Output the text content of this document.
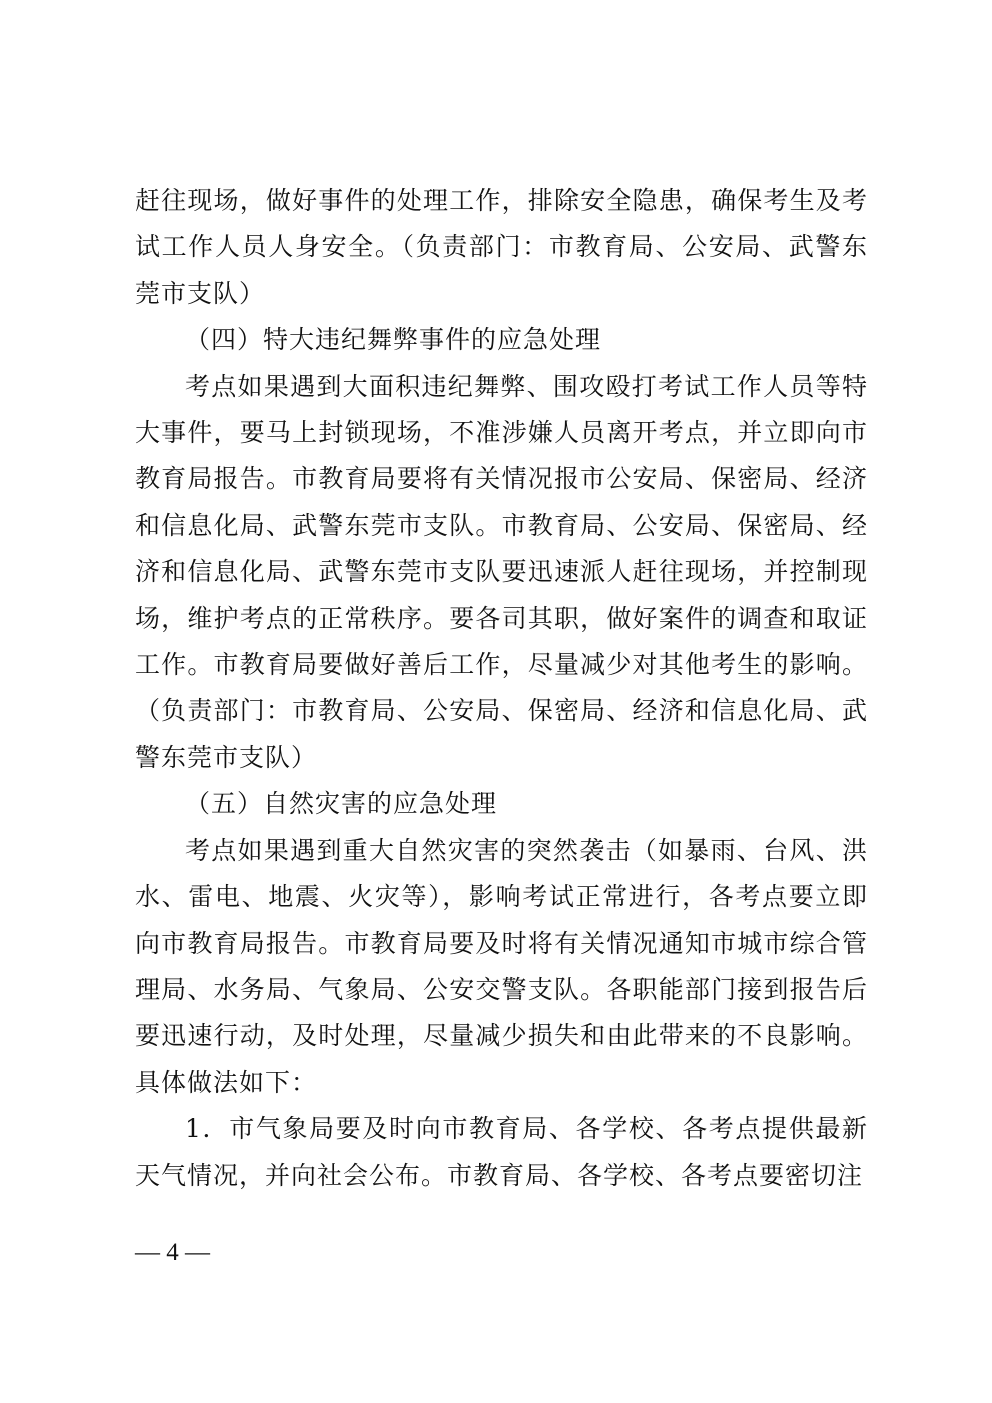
赶往现场，做好事件的处理工作，排除安全隐患，确保考生及考试工作人员人身安全。（负责部门：市教育局、公安局、武警东莞市支队）

（四）特大违纪舞弊事件的应急处理

考点如果遇到大面积违纪舞弊、围攻殴打考试工作人员等特大事件，要马上封锁现场，不准涉嫌人员离开考点，并立即向市教育局报告。市教育局要将有关情况报市公安局、保密局、经济和信息化局、武警东莞市支队。市教育局、公安局、保密局、经济和信息化局、武警东莞市支队要迅速派人赶往现场，并控制现场，维护考点的正常秩序。要各司其职，做好案件的调查和取证工作。市教育局要做好善后工作，尽量减少对其他考生的影响。（负责部门：市教育局、公安局、保密局、经济和信息化局、武警东莞市支队）

（五）自然灾害的应急处理

考点如果遇到重大自然灾害的突然袭击（如暴雨、台风、洪水、雷电、地震、火灾等），影响考试正常进行，各考点要立即向市教育局报告。市教育局要及时将有关情况通知市城市综合管理局、水务局、气象局、公安交警支队。各职能部门接到报告后要迅速行动，及时处理，尽量减少损失和由此带来的不良影响。具体做法如下：

1．市气象局要及时向市教育局、各学校、各考点提供最新天气情况，并向社会公布。市教育局、各学校、各考点要密切注

— 4 —
